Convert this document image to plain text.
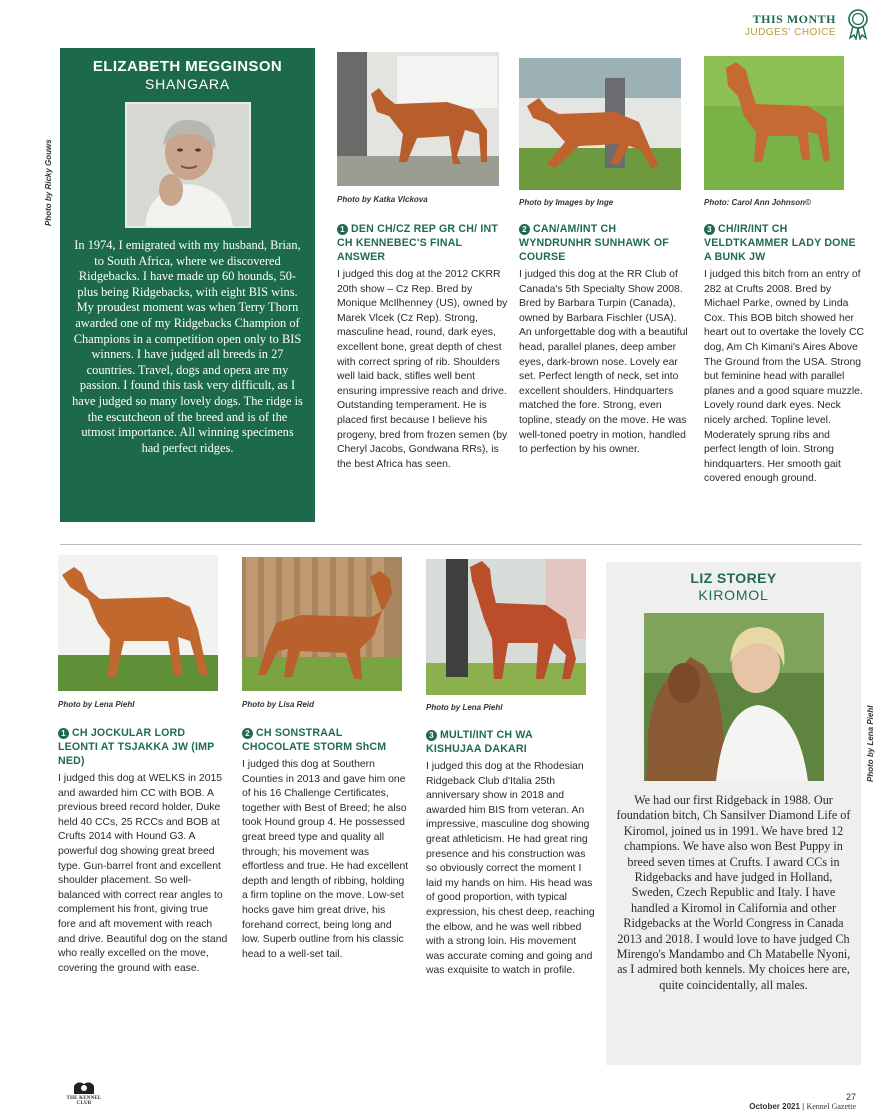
THIS MONTH
JUDGES' CHOICE
Photo by Ricky Gouws
Photo by Lena Piehl
ELIZABETH MEGGINSON
SHANGARA
In 1974, I emigrated with my husband, Brian, to South Africa, where we discovered Ridgebacks. I have made up 60 hounds, 50-plus being Ridgebacks, with eight BIS wins. My proudest moment was when Terry Thorn awarded one of my Ridgebacks Champion of Champions in a competition open only to BIS winners. I have judged all breeds in 27 countries. Travel, dogs and opera are my passion. I found this task very difficult, as I have judged so many lovely dogs. The ridge is the escutcheon of the breed and is of the utmost importance. All winning specimens had perfect ridges.
Photo by Katka Vlckova	Photo by Images by Inge	Photo: Carol Ann Johnson©
1 DEN CH/CZ REP GR CH/ INT CH KENNEBEC'S FINAL ANSWER
I judged this dog at the 2012 CKRR 20th show – Cz Rep. Bred by Monique McIlhenney (US), owned by Marek Vlcek (Cz Rep). Strong, masculine head, round, dark eyes, excellent bone, great depth of chest with correct spring of rib. Shoulders well laid back, stifles well bent ensuring impressive reach and drive. Outstanding temperament. He is placed first because I believe his progeny, bred from frozen semen (by Cheryl Jacobs, Gondwana RRs), is the best Africa has seen.
2 CAN/AM/INT CH WYNDRUNHR SUNHAWK OF COURSE
I judged this dog at the RR Club of Canada's 5th Specialty Show 2008. Bred by Barbara Turpin (Canada), owned by Barbara Fischler (USA). An unforgettable dog with a beautiful head, parallel planes, deep amber eyes, dark-brown nose. Lovely ear set. Perfect length of neck, set into excellent shoulders. Hindquarters matched the fore. Strong, even topline, steady on the move. He was well-toned poetry in motion, handled to perfection by his owner.
3 CH/IR/INT CH VELDTKAMMER LADY DONE A BUNK JW
I judged this bitch from an entry of 282 at Crufts 2008. Bred by Michael Parke, owned by Linda Cox. This BOB bitch showed her heart out to overtake the lovely CC dog, Am Ch Kimani's Aires Above The Ground from the USA. Strong but feminine head with parallel planes and a good square muzzle. Lovely round dark eyes. Neck nicely arched. Topline level. Moderately sprung ribs and perfect length of loin. Strong hindquarters. Her smooth gait covered enough ground.
Photo by Lena Piehl	Photo by Lisa Reid	Photo by Lena Piehl
1 CH JOCKULAR LORD LEONTI AT TSJAKKA JW (IMP NED)
I judged this dog at WELKS in 2015 and awarded him CC with BOB. A previous breed record holder, Duke held 40 CCs, 25 RCCs and BOB at Crufts 2014 with Hound G3. A powerful dog showing great breed type. Gun-barrel front and excellent shoulder placement. So well-balanced with correct rear angles to complement his front, giving true fore and aft movement with reach and drive. Beautiful dog on the stand who really excelled on the move, covering the ground with ease.
2 CH SONSTRAAL CHOCOLATE STORM ShCM
I judged this dog at Southern Counties in 2013 and gave him one of his 16 Challenge Certificates, together with Best of Breed; he also took Hound group 4. He possessed great breed type and quality all through; his movement was effortless and true. He had excellent depth and length of ribbing, holding a firm topline on the move. Low-set hocks gave him great drive, his forehand correct, being long and low. Superb outline from his classic head to a well-set tail.
3 MULTI/INT CH WA KISHUJAA DAKARI
I judged this dog at the Rhodesian Ridgeback Club d'Italia 25th anniversary show in 2018 and awarded him BIS from veteran. An impressive, masculine dog showing great athleticism. He had great ring presence and his construction was so obviously correct the moment I laid my hands on him. His head was of good proportion, with typical expression, his chest deep, reaching the elbow, and he was well ribbed with a strong loin. His movement was accurate coming and going and was exquisite to watch in profile.
LIZ STOREY
KIROMOL
We had our first Ridgeback in 1988. Our foundation bitch, Ch Sansilver Diamond Life of Kiromol, joined us in 1991. We have bred 12 champions. We have also won Best Puppy in breed seven times at Crufts. I award CCs in Ridgebacks and have judged in Holland, Sweden, Czech Republic and Italy. I have handled a Kiromol in California and other Ridgebacks at the World Congress in Canada 2013 and 2018. I would love to have judged Ch Mirengo's Mandambo and Ch Matabelle Nyoni, as I admired both kennels. My choices here are, quite coincidentally, all males.
THE KENNEL CLUB
27
October 2021 | Kennel Gazette
